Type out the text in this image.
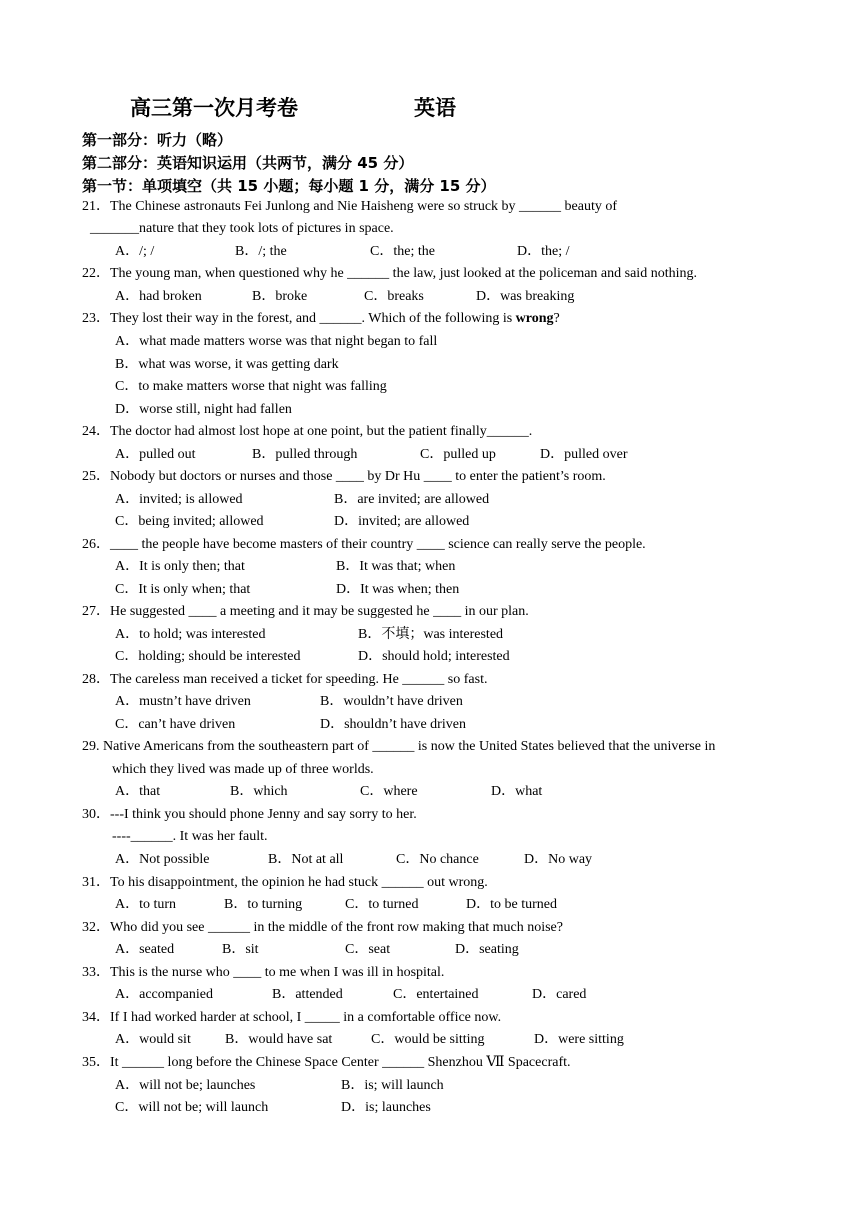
高三第一次月考卷	英语
第一部分：听力（略）
第二部分：英语知识运用（共两节，满分 45 分）
第一节：单项填空（共 15 小题；每小题 1 分，满分 15 分）
21．The Chinese astronauts Fei Junlong and Nie Haisheng were so struck by ______ beauty of
_______nature that they took lots of pictures in space.
A．/; /	B．/; the	C．the; the	D．the; /
22．The young man, when questioned why he ______ the law, just looked at the policeman and said nothing.
A．had broken	B．broke	C．breaks	D．was breaking
23．They lost their way in the forest, and ______. Which of the following is wrong?
A．what made matters worse was that night began to fall
B．what was worse, it was getting dark
C．to make matters worse that night was falling
D．worse still, night had fallen
24．The doctor had almost lost hope at one point, but the patient finally______.
A．pulled out	B．pulled through	C．pulled up	D．pulled over
25．Nobody but doctors or nurses and those ____ by Dr Hu ____ to enter the patient’s room.
A．invited; is allowed	B．are invited; are allowed
C．being invited; allowed	D．invited; are allowed
26．____ the people have become masters of their country ____ science can really serve the people.
A．It is only then; that	B．It was that; when
C．It is only when; that	D．It was when; then
27．He suggested ____ a meeting and it may be suggested he ____ in our plan.
A．to hold; was interested	B．不填；was interested
C．holding; should be interested	D．should hold; interested
28．The careless man received a ticket for speeding. He ______ so fast.
A．mustn’t have driven	B．wouldn’t have driven
C．can’t have driven	D．shouldn’t have driven
29. Native Americans from the southeastern part of ______ is now the United States believed that the universe in
which they lived was made up of three worlds.
A．that	B．which	C．where	D．what
30．---I think you should phone Jenny and say sorry to her.
----______. It was her fault.
A．Not possible	B．Not at all	C．No chance	D．No way
31．To his disappointment, the opinion he had stuck ______ out wrong.
A．to turn	B．to turning	C．to turned	D．to be turned
32．Who did you see ______ in the middle of the front row making that much noise?
A．seated	B．sit	C．seat	D．seating
33．This is the nurse who ____ to me when I was ill in hospital.
A．accompanied	B．attended	C．entertained	D．cared
34．If I had worked harder at school, I _____ in a comfortable office now.
A．would sit B．would have sat	C．would be sitting	D．were sitting
35．It ______ long before the Chinese Space Center ______ Shenzhou Ⅶ Spacecraft.
A．will not be; launches	B．is; will launch
C．will not be; will launch	D．is; launches
